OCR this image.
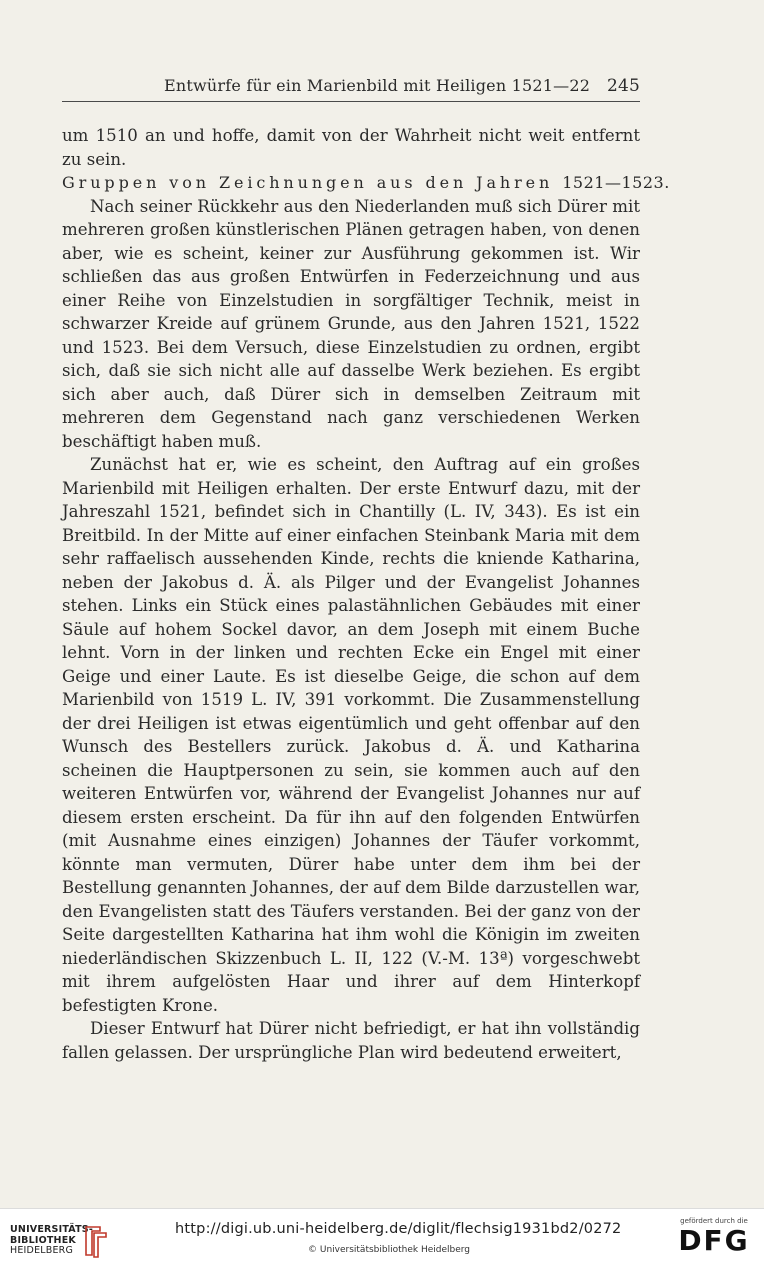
Entwürfe für ein Marienbild mit Heiligen 1521—22 245

um 1510 an und hoffe, damit von der Wahrheit nicht weit entfernt zu sein.

Gruppen von Zeichnungen aus den Jahren 1521—1523.

Nach seiner Rückkehr aus den Niederlanden muß sich Dürer mit mehreren großen künstlerischen Plänen getragen haben, von denen aber, wie es scheint, keiner zur Ausführung gekommen ist. Wir schließen das aus großen Entwürfen in Federzeichnung und aus einer Reihe von Einzelstudien in sorgfältiger Technik, meist in schwarzer Kreide auf grünem Grunde, aus den Jahren 1521, 1522 und 1523. Bei dem Versuch, diese Einzelstudien zu ordnen, ergibt sich, daß sie sich nicht alle auf dasselbe Werk beziehen. Es ergibt sich aber auch, daß Dürer sich in demselben Zeitraum mit mehreren dem Gegenstand nach ganz verschiedenen Werken beschäftigt haben muß.

Zunächst hat er, wie es scheint, den Auftrag auf ein großes Marienbild mit Heiligen erhalten. Der erste Entwurf dazu, mit der Jahreszahl 1521, befindet sich in Chantilly (L. IV, 343). Es ist ein Breitbild. In der Mitte auf einer einfachen Steinbank Maria mit dem sehr raffaelisch aussehenden Kinde, rechts die kniende Katharina, neben der Jakobus d. Ä. als Pilger und der Evangelist Johannes stehen. Links ein Stück eines palastähnlichen Gebäudes mit einer Säule auf hohem Sockel davor, an dem Joseph mit einem Buche lehnt. Vorn in der linken und rechten Ecke ein Engel mit einer Geige und einer Laute. Es ist dieselbe Geige, die schon auf dem Marienbild von 1519 L. IV, 391 vorkommt. Die Zusammenstellung der drei Heiligen ist etwas eigentümlich und geht offenbar auf den Wunsch des Bestellers zurück. Jakobus d. Ä. und Katharina scheinen die Hauptpersonen zu sein, sie kommen auch auf den weiteren Entwürfen vor, während der Evangelist Johannes nur auf diesem ersten erscheint. Da für ihn auf den folgenden Entwürfen (mit Ausnahme eines einzigen) Johannes der Täufer vorkommt, könnte man vermuten, Dürer habe unter dem ihm bei der Bestellung genannten Johannes, der auf dem Bilde darzustellen war, den Evangelisten statt des Täufers verstanden. Bei der ganz von der Seite dargestellten Katharina hat ihm wohl die Königin im zweiten niederländischen Skizzenbuch L. II, 122 (V.-M. 13ª) vorgeschwebt mit ihrem aufgelösten Haar und ihrer auf dem Hinterkopf befestigten Krone.

Dieser Entwurf hat Dürer nicht befriedigt, er hat ihn vollständig fallen gelassen. Der ursprüngliche Plan wird bedeutend erweitert,

UNIVERSITÄTS-
BIBLIOTHEK
HEIDELBERG
http://digi.ub.uni-heidelberg.de/diglit/flechsig1931bd2/0272
© Universitätsbibliothek Heidelberg
gefördert durch die
DFG
